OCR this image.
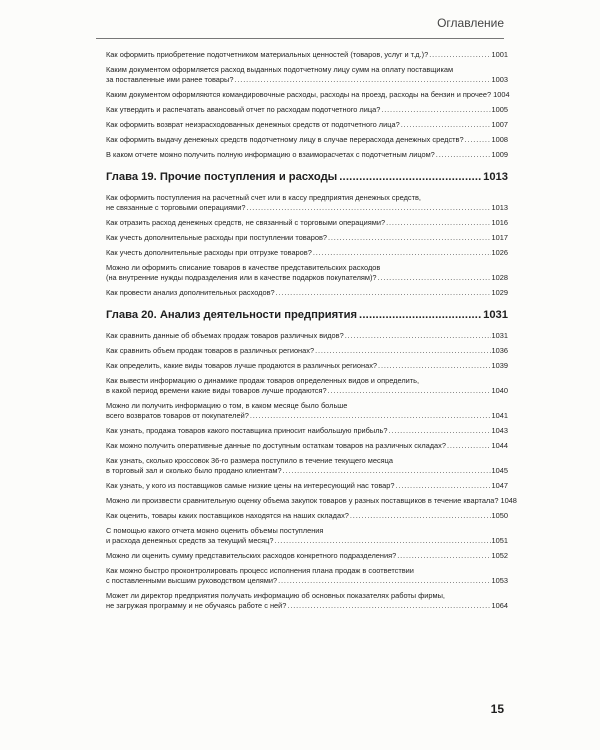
Оглавление
Как оформить приобретение подотчетником материальных ценностей (товаров, услуг и т.д.)? . . .	1001
Каким документом оформляется расход выданных подотчетному лицу сумм на оплату поставщикам
за поставленные ими ранее товары? . . .	1003
Каким документом оформляются командировочные расходы, расходы на проезд, расходы на бензин и прочее? 1004
Как утвердить и распечатать авансовый отчет по расходам подотчетного лица? . . .	1005
Как оформить возврат неизрасходованных денежных средств от подотчетного лица? . . .	1007
Как оформить выдачу денежных средств подотчетному лицу в случае перерасхода денежных средств? . . .	1008
В каком отчете можно получить полную информацию о взаиморасчетах с подотчетным лицом? . . .	1009
Глава 19. Прочие поступления и расходы .....	1013
Как оформить поступления на расчетный счет или в кассу предприятия денежных средств,
не связанные с торговыми операциями? . . .	1013
Как отразить расход денежных средств, не связанный с торговыми операциями? . . .	1016
Как учесть дополнительные расходы при поступлении товаров? . . .	1017
Как учесть дополнительные расходы при отгрузке товаров? . . .	1026
Можно ли оформить списание товаров в качестве представительских расходов
(на внутренние нужды подразделения или в качестве подарков покупателям)? . . .	1028
Как провести анализ дополнительных расходов? . . .	1029
Глава 20. Анализ деятельности предприятия .....	1031
Как сравнить данные об объемах продаж товаров различных видов? . . .	1031
Как сравнить объем продаж товаров в различных регионах? . . .	1036
Как определить, какие виды товаров лучше продаются в различных регионах? . . .	1039
Как вывести информацию о динамике продаж товаров определенных видов и определить,
в какой период времени какие виды товаров лучше продаются? . . .	1040
Можно ли получить информацию о том, в каком месяце было больше
всего возвратов товаров от покупателей? . . .	1041
Как узнать, продажа товаров какого поставщика приносит наибольшую прибыль? . . .	1043
Как можно получить оперативные данные по доступным остаткам товаров на различных складах? . . .	1044
Как узнать, сколько кроссовок 36-го размера поступило в течение текущего месяца
в торговый зал и сколько было продано клиентам? . . .	1045
Как узнать, у кого из поставщиков самые низкие цены на интересующий нас товар? . . .	1047
Можно ли произвести сравнительную оценку объема закупок товаров у разных поставщиков в течение квартала? 1048
Как оценить, товары каких поставщиков находятся на наших складах? . . .	1050
С помощью какого отчета можно оценить объемы поступления
и расхода денежных средств за текущий месяц? . . .	1051
Можно ли оценить сумму представительских расходов конкретного подразделения? . . .	1052
Как можно быстро проконтролировать процесс исполнения плана продаж в соответствии
с поставленными высшим руководством целями? . . .	1053
Может ли директор предприятия получать информацию об основных показателях работы фирмы,
не загружая программу и не обучаясь работе с ней? . . .	1064
15
